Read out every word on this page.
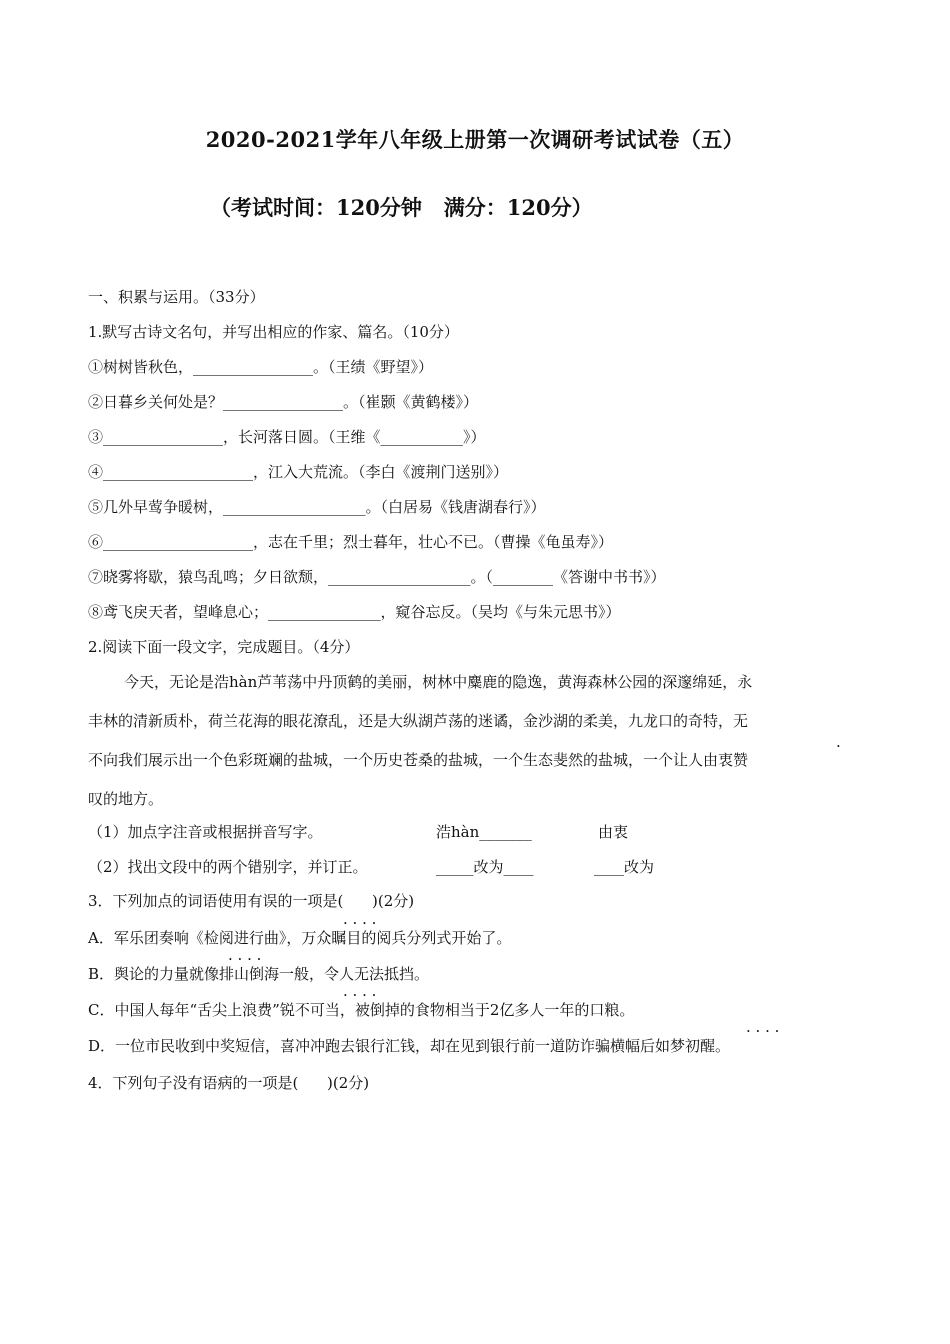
2020-2021学年八年级上册第一次调研考试试卷（五）
（考试时间：120分钟   满分：120分）
一、积累与运用。（33分）
1.默写古诗文名句，并写出相应的作家、篇名。（10分）
①树树皆秋色，________________。（王绩《野望》）
②日暮乡关何处是？________________。（崔颢《黄鹤楼》）
③________________，长河落日圆。（王维《___________》）
④____________________，江入大荒流。（李白《渡荆门送别》）
⑤几外早莺争暖树，___________________。（白居易《钱唐湖春行》）
⑥____________________，志在千里；烈士暮年，壮心不已。（曹操《龟虽寿》）
⑦晓雾将歇，猿鸟乱鸣；夕日欲颓，___________________。（________《答谢中书书》）
⑧鸢飞戾天者，望峰息心；_______________，窥谷忘反。（吴均《与朱元思书》）
2.阅读下面一段文字，完成题目。（4分）
今天，无论是浩hàn芦苇荡中丹顶鹤的美丽，树林中麋鹿的隐逸，黄海森林公园的深邃绵延，永
丰林的清新质朴，荷兰花海的眼花潦乱，还是大纵湖芦荡的迷谲，金沙湖的柔美，九龙口的奇特，无
不向我们展示出一个色彩斑斓的盐城，一个历史苍桑的盐城，一个生态斐然的盐城，一个让人由衷赞
·
叹的地方。
（1）加点字注音或根据拼音写字。	浩hàn_______	由衷
（2）找出文段中的两个错别字，并订正。	_____改为____	____改为
3．下列加点的词语使用有误的一项是(      )(2分)
· · · ·
A．军乐团奏响《检阅进行曲》，万众瞩目的阅兵分列式开始了。
· · · ·
B．舆论的力量就像排山倒海一般，令人无法抵挡。
· · · ·
C．中国人每年“舌尖上浪费”锐不可当，被倒掉的食物相当于2亿多人一年的口粮。
· · · ·
D．一位市民收到中奖短信，喜冲冲跑去银行汇钱，却在见到银行前一道防诈骗横幅后如梦初醒。
4．下列句子没有语病的一项是(      )(2分)
